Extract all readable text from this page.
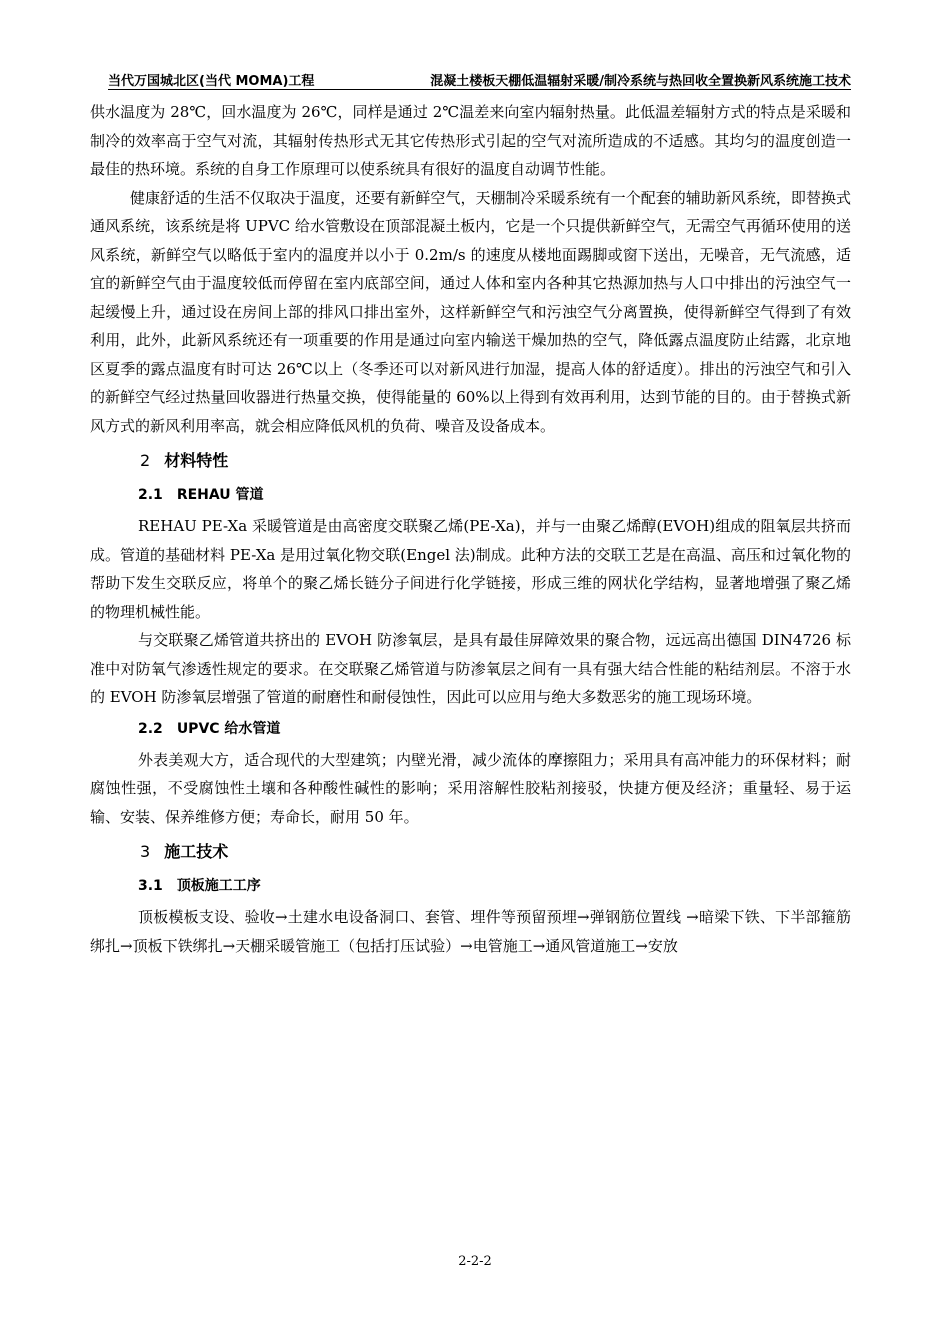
当代万国城北区(当代 MOMA)工程	混凝土楼板天棚低温辐射采暖/制冷系统与热回收全置换新风系统施工技术

供水温度为 28℃，回水温度为 26℃，同样是通过 2℃温差来向室内辐射热量。此低温差辐射方式的特点是采暖和制冷的效率高于空气对流，其辐射传热形式无其它传热形式引起的空气对流所造成的不适感。其均匀的温度创造一最佳的热环境。系统的自身工作原理可以使系统具有很好的温度自动调节性能。

健康舒适的生活不仅取决于温度，还要有新鲜空气，天棚制冷采暖系统有一个配套的辅助新风系统，即替换式通风系统，该系统是将 UPVC 给水管敷设在顶部混凝土板内，它是一个只提供新鲜空气，无需空气再循环使用的送风系统，新鲜空气以略低于室内的温度并以小于 0.2m/s 的速度从楼地面踢脚或窗下送出，无噪音，无气流感，适宜的新鲜空气由于温度较低而停留在室内底部空间，通过人体和室内各种其它热源加热与人口中排出的污浊空气一起缓慢上升，通过设在房间上部的排风口排出室外，这样新鲜空气和污浊空气分离置换，使得新鲜空气得到了有效利用，此外，此新风系统还有一项重要的作用是通过向室内输送干燥加热的空气，降低露点温度防止结露，北京地区夏季的露点温度有时可达 26℃以上（冬季还可以对新风进行加湿，提高人体的舒适度）。排出的污浊空气和引入的新鲜空气经过热量回收器进行热量交换，使得能量的 60%以上得到有效再利用，达到节能的目的。由于替换式新风方式的新风利用率高，就会相应降低风机的负荷、噪音及设备成本。

2 材料特性
2.1 REHAU 管道

REHAU PE-Xa 采暖管道是由高密度交联聚乙烯(PE-Xa)，并与一由聚乙烯醇(EVOH)组成的阻氧层共挤而成。管道的基础材料 PE-Xa 是用过氧化物交联(Engel 法)制成。此种方法的交联工艺是在高温、高压和过氧化物的帮助下发生交联反应，将单个的聚乙烯长链分子间进行化学链接，形成三维的网状化学结构，显著地增强了聚乙烯的物理机械性能。

与交联聚乙烯管道共挤出的 EVOH 防渗氧层，是具有最佳屏障效果的聚合物，远远高出德国 DIN4726 标准中对防氧气渗透性规定的要求。在交联聚乙烯管道与防渗氧层之间有一具有强大结合性能的粘结剂层。不溶于水的 EVOH 防渗氧层增强了管道的耐磨性和耐侵蚀性，因此可以应用与绝大多数恶劣的施工现场环境。

2.2 UPVC 给水管道

外表美观大方，适合现代的大型建筑；内壁光滑，减少流体的摩擦阻力；采用具有高冲能力的环保材料；耐腐蚀性强，不受腐蚀性土壤和各种酸性碱性的影响；采用溶解性胶粘剂接驳，快捷方便及经济；重量轻、易于运输、安装、保养维修方便；寿命长，耐用 50 年。

3 施工技术
3.1 顶板施工工序

顶板模板支设、验收→土建水电设备洞口、套管、埋件等预留预埋→弹钢筋位置线 →暗梁下铁、下半部箍筋绑扎→顶板下铁绑扎→天棚采暖管施工（包括打压试验）→电管施工→通风管道施工→安放

2-2-2
